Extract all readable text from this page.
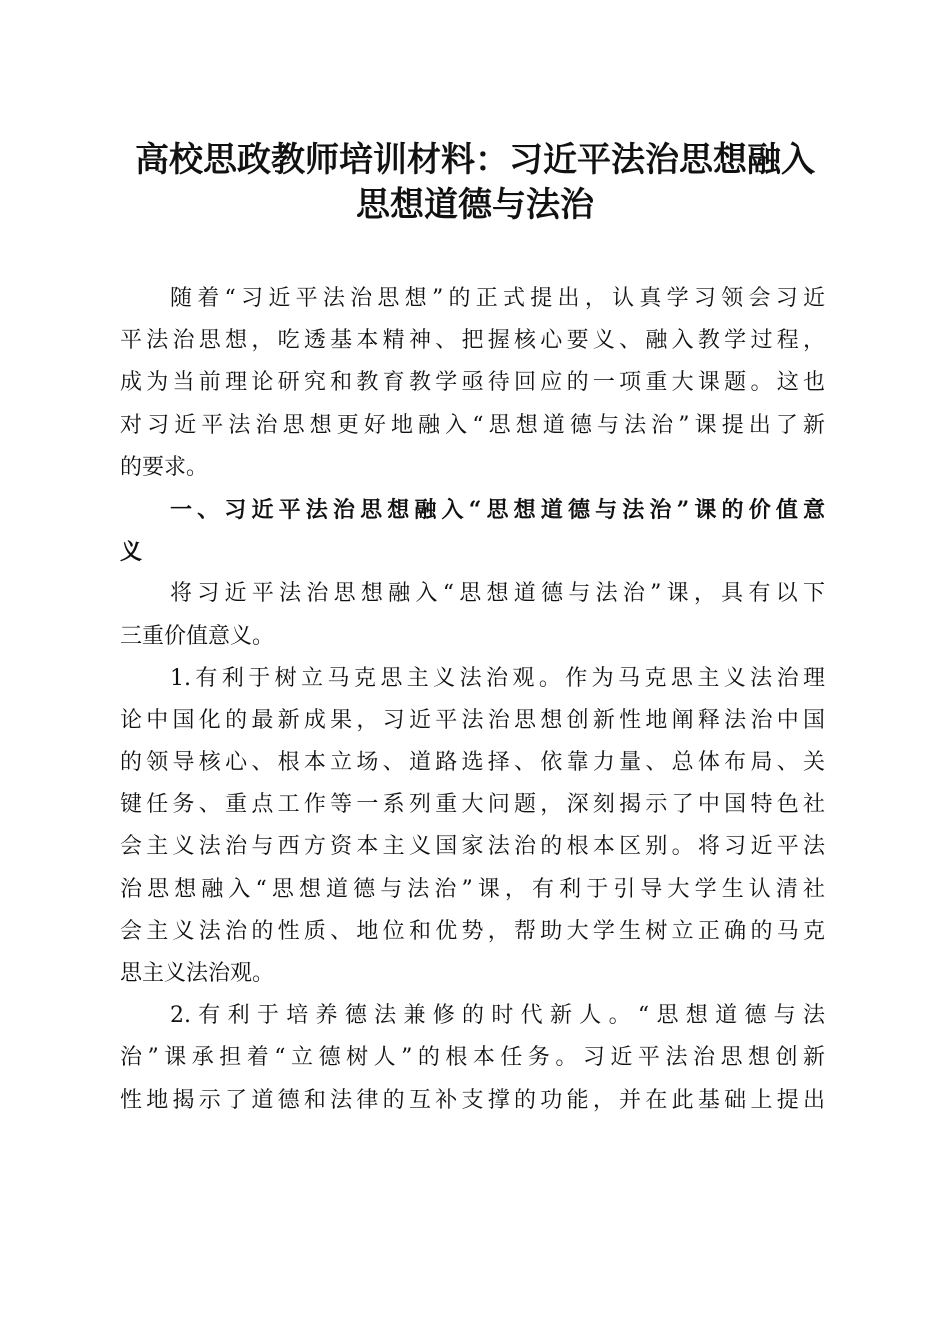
高校思政教师培训材料：习近平法治思想融入
思想道德与法治
随着“习近平法治思想”的正式提出，认真学习领会习近
平法治思想，吃透基本精神、把握核心要义、融入教学过程，
成为当前理论研究和教育教学亟待回应的一项重大课题。这也
对习近平法治思想更好地融入“思想道德与法治”课提出了新
的要求。
一、习近平法治思想融入“思想道德与法治”课的价值意
义
将习近平法治思想融入“思想道德与法治”课，具有以下
三重价值意义。
1.有利于树立马克思主义法治观。作为马克思主义法治理
论中国化的最新成果，习近平法治思想创新性地阐释法治中国
的领导核心、根本立场、道路选择、依靠力量、总体布局、关
键任务、重点工作等一系列重大问题，深刻揭示了中国特色社
会主义法治与西方资本主义国家法治的根本区别。将习近平法
治思想融入“思想道德与法治”课，有利于引导大学生认清社
会主义法治的性质、地位和优势，帮助大学生树立正确的马克
思主义法治观。
2.有利于培养德法兼修的时代新人。“思想道德与法
治”课承担着“立德树人”的根本任务。习近平法治思想创新
性地揭示了道德和法律的互补支撑的功能，并在此基础上提出
